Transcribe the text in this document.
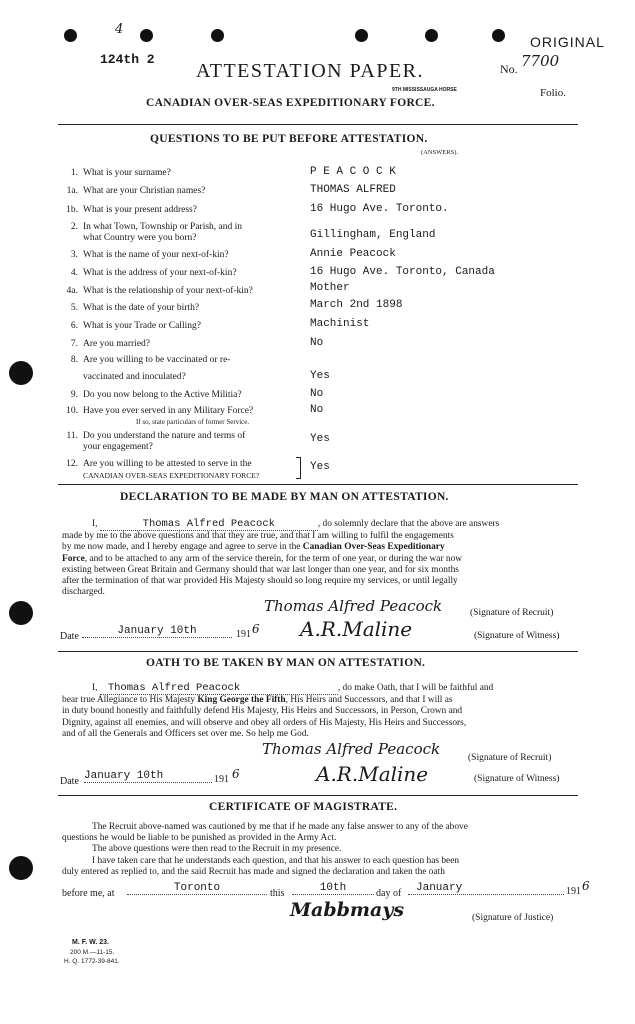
4
124th 2
ATTESTATION PAPER.
9TH MISSISSAUGA HORSE
No. 7700
ORIGINAL
Folio.
CANADIAN OVER-SEAS EXPEDITIONARY FORCE.
QUESTIONS TO BE PUT BEFORE ATTESTATION.
(ANSWERS).
1. What is your surname?	P E A C O C K
1a. What are your Christian names?	THOMAS ALFRED
1b. What is your present address?	16 Hugo Ave. Toronto.
2. In what Town, Township or Parish, and in
what Country were you born?	Gillingham, England
3. What is the name of your next-of-kin?	Annie Peacock
4. What is the address of your next-of-kin?	16 Hugo Ave. Toronto, Canada
4a. What is the relationship of your next-of-kin?	Mother
5. What is the date of your birth?	March 2nd 1898
6. What is your Trade or Calling?	Machinist
7. Are you married?	No
8. Are you willing to be vaccinated or re-
vaccinated and inoculated?	Yes
9. Do you now belong to the Active Militia?	No
10. Have you ever served in any Military Force?
If so, state particulars of former Service.
No
11. Do you understand the nature and terms of
your engagement?
Yes
12. Are you willing to be attested to serve in the
CANADIAN OVER-SEAS EXPEDITIONARY FORCE?
Yes
DECLARATION TO BE MADE BY MAN ON ATTESTATION.
I,	Thomas Alfred Peacock	, do solemnly declare that the above are answers
made by me to the above questions and that they are true, and that I am willing to fulfil the engagements
by me now made, and I hereby engage and agree to serve in the Canadian Over-Seas Expeditionary
Force, and to be attached to any arm of the service therein, for the term of one year, or during the war now
existing between Great Britain and Germany should that war last longer than one year, and for six months
after the termination of that war provided His Majesty should so long require my services, or until legally
discharged.
Thomas Alfred Peacock	(Signature of Recruit)
Date	January 10th	191 6 A.R.Maline	(Signature of Witness)
OATH TO BE TAKEN BY MAN ON ATTESTATION.
I, Thomas Alfred Peacock	, do make Oath, that I will be faithful and
bear true Allegiance to His Majesty King George the Fifth, His Heirs and Successors, and that I will as
in duty bound honestly and faithfully defend His Majesty, His Heirs and Successors, in Person, Crown and
Dignity, against all enemies, and will observe and obey all orders of His Majesty, His Heirs and Successors,
and of all the Generals and Officers set over me. So help me God.
Thomas Alfred Peacock	(Signature of Recruit)
Date January 10th	191 6	A.R.Maline	(Signature of Witness)
CERTIFICATE OF MAGISTRATE.
The Recruit above-named was cautioned by me that if he made any false answer to any of the above
questions he would be liable to be punished as provided in the Army Act.
The above questions were then read to the Recruit in my presence.
I have taken care that he understands each question, and that his answer to each question has been
duly entered as replied to, and the said Recruit has made and signed the declaration and taken the oath
before me, at	Toronto	this	10th	day of	January	191 6
Mabbmays	(Signature of Justice)
M. F. W. 23.
200 M.—11-15.
H. Q. 1772-39-841.
